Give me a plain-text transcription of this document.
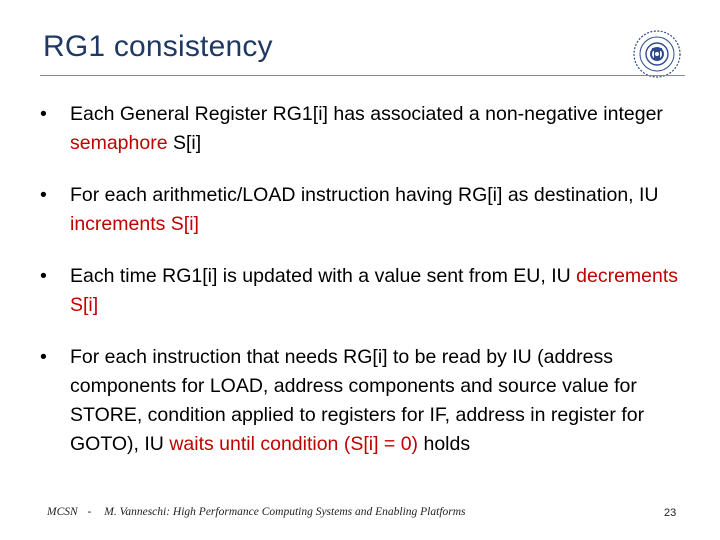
RG1 consistency
•	Each General Register RG1[i] has associated a non-negative integer semaphore S[i]
•	For each arithmetic/LOAD instruction having RG[i] as destination, IU increments S[i]
•	Each time RG1[i] is updated with a value sent from EU, IU decrements S[i]
•	For each instruction that needs RG[i] to be read by IU (address components for LOAD, address components and source value for STORE, condition applied to registers for IF, address in register for GOTO), IU waits until condition (S[i] = 0) holds
MCSN - M. Vanneschi: High Performance Computing Systems and Enabling Platforms	23
